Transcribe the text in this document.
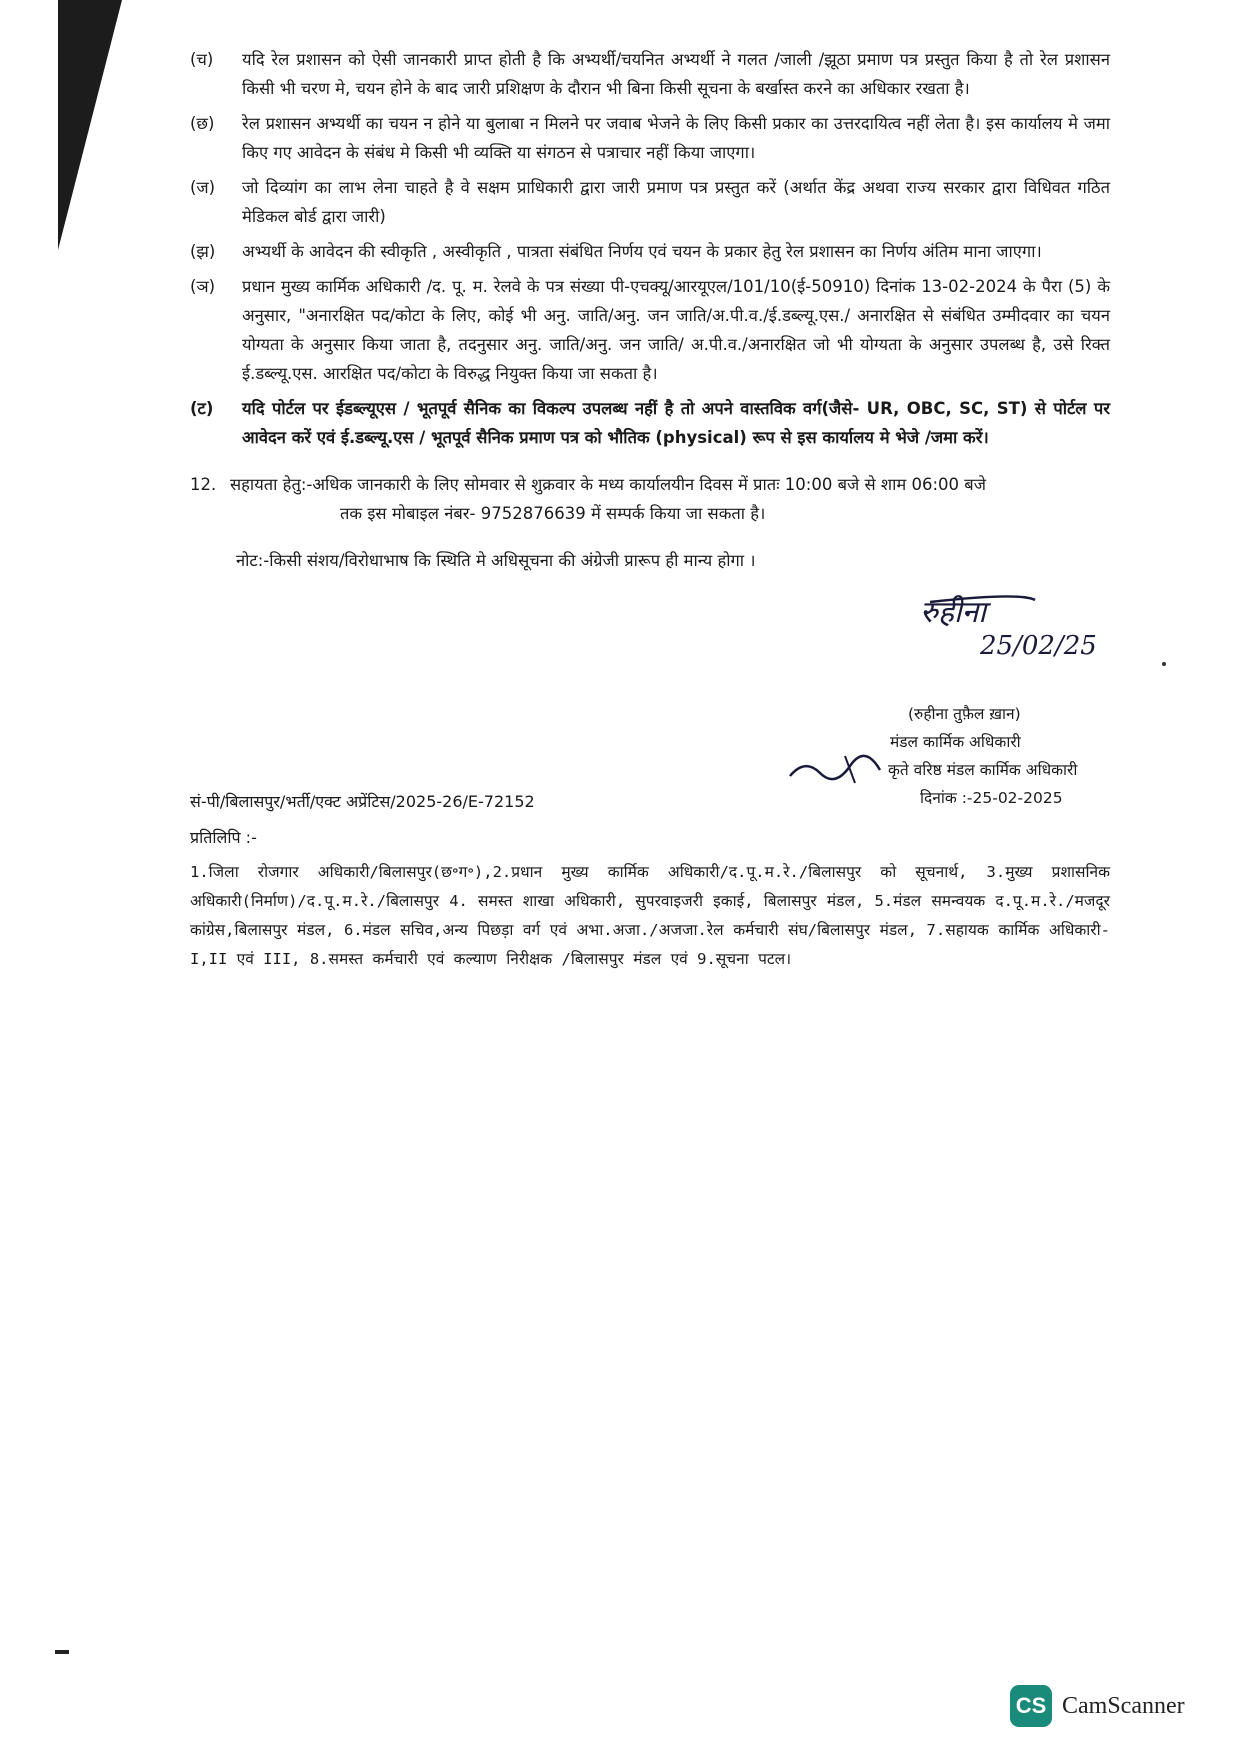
(च)	यदि रेल प्रशासन को ऐसी जानकारी प्राप्त होती है कि अभ्यर्थी/चयनित अभ्यर्थी ने गलत /जाली /झूठा प्रमाण पत्र प्रस्तुत किया है तो रेल प्रशासन किसी भी चरण मे, चयन होने के बाद जारी प्रशिक्षण के दौरान भी बिना किसी सूचना के बर्खास्त करने का अधिकार रखता है।
(छ)	रेल प्रशासन अभ्यर्थी का चयन न होने या बुलाबा न मिलने पर जवाब भेजने के लिए किसी प्रकार का उत्तरदायित्व नहीं लेता है। इस कार्यालय मे जमा किए गए आवेदन के संबंध मे किसी भी व्यक्ति या संगठन से पत्राचार नहीं किया जाएगा।
(ज)	जो दिव्यांग का लाभ लेना चाहते है वे सक्षम प्राधिकारी द्वारा जारी प्रमाण पत्र प्रस्तुत करें (अर्थात केंद्र अथवा राज्य सरकार द्वारा विधिवत गठित मेडिकल बोर्ड द्वारा जारी)
(झ)	अभ्यर्थी के आवेदन की स्वीकृति , अस्वीकृति , पात्रता संबंधित निर्णय एवं चयन के प्रकार हेतु रेल प्रशासन का निर्णय अंतिम माना जाएगा।
(ञ)	प्रधान मुख्य कार्मिक अधिकारी /द. पू. म. रेलवे के पत्र संख्या पी-एचक्यू/आरयूएल/101/10(ई-50910) दिनांक 13-02-2024 के पैरा (5) के अनुसार, "अनारक्षित पद/कोटा के लिए, कोई भी अनु. जाति/अनु. जन जाति/अ.पी.व./ई.डब्ल्यू.एस./ अनारक्षित से संबंधित उम्मीदवार का चयन योग्यता के अनुसार किया जाता है, तदनुसार अनु. जाति/अनु. जन जाति/ अ.पी.व./अनारक्षित जो भी योग्यता के अनुसार उपलब्ध है, उसे रिक्त ई.डब्ल्यू.एस. आरक्षित पद/कोटा के विरुद्ध नियुक्त किया जा सकता है।
(ट)	यदि पोर्टल पर ईडब्ल्यूएस / भूतपूर्व सैनिक का विकल्प उपलब्ध नहीं है तो अपने वास्तविक वर्ग(जैसे- UR, OBC, SC, ST) से पोर्टल पर आवेदन करें एवं ई.डब्ल्यू.एस / भूतपूर्व सैनिक प्रमाण पत्र को भौतिक (physical) रूप से इस कार्यालय मे भेजे /जमा करें।
12. सहायता हेतु:-अधिक जानकारी के लिए सोमवार से शुक्रवार के मध्य कार्यालयीन दिवस में प्रातः 10:00 बजे से शाम 06:00 बजे
तक इस मोबाइल नंबर- 9752876639 में सम्पर्क किया जा सकता है।
नोट:-किसी संशय/विरोधाभाष कि स्थिति मे अधिसूचना की अंग्रेजी प्रारूप ही मान्य होगा ।
रुहीना
25/02/25
(रुहीना तुफ़ैल ख़ान)
मंडल कार्मिक अधिकारी
कृते वरिष्ठ मंडल कार्मिक अधिकारी
दिनांक :-25-02-2025
सं-पी/बिलासपुर/भर्ती/एक्ट अप्रेंटिस/2025-26/E-72152
प्रतिलिपि :-
1.जिला रोजगार अधिकारी/बिलासपुर(छ॰ग॰),2.प्रधान मुख्य कार्मिक अधिकारी/द.पू.म.रे./बिलासपुर को सूचनार्थ, 3.मुख्य प्रशासनिक अधिकारी(निर्माण)/द.पू.म.रे./बिलासपुर 4. समस्त शाखा अधिकारी, सुपरवाइजरी इकाई, बिलासपुर मंडल, 5.मंडल समन्वयक द.पू.म.रे./मजदूर कांग्रेस,बिलासपुर मंडल, 6.मंडल सचिव,अन्य पिछड़ा वर्ग एवं अभा.अजा./अजजा.रेल कर्मचारी संघ/बिलासपुर मंडल, 7.सहायक कार्मिक अधिकारी-I,II एवं III, 8.समस्त कर्मचारी एवं कल्याण निरीक्षक /बिलासपुर मंडल एवं 9.सूचना पटल।
CS CamScanner
